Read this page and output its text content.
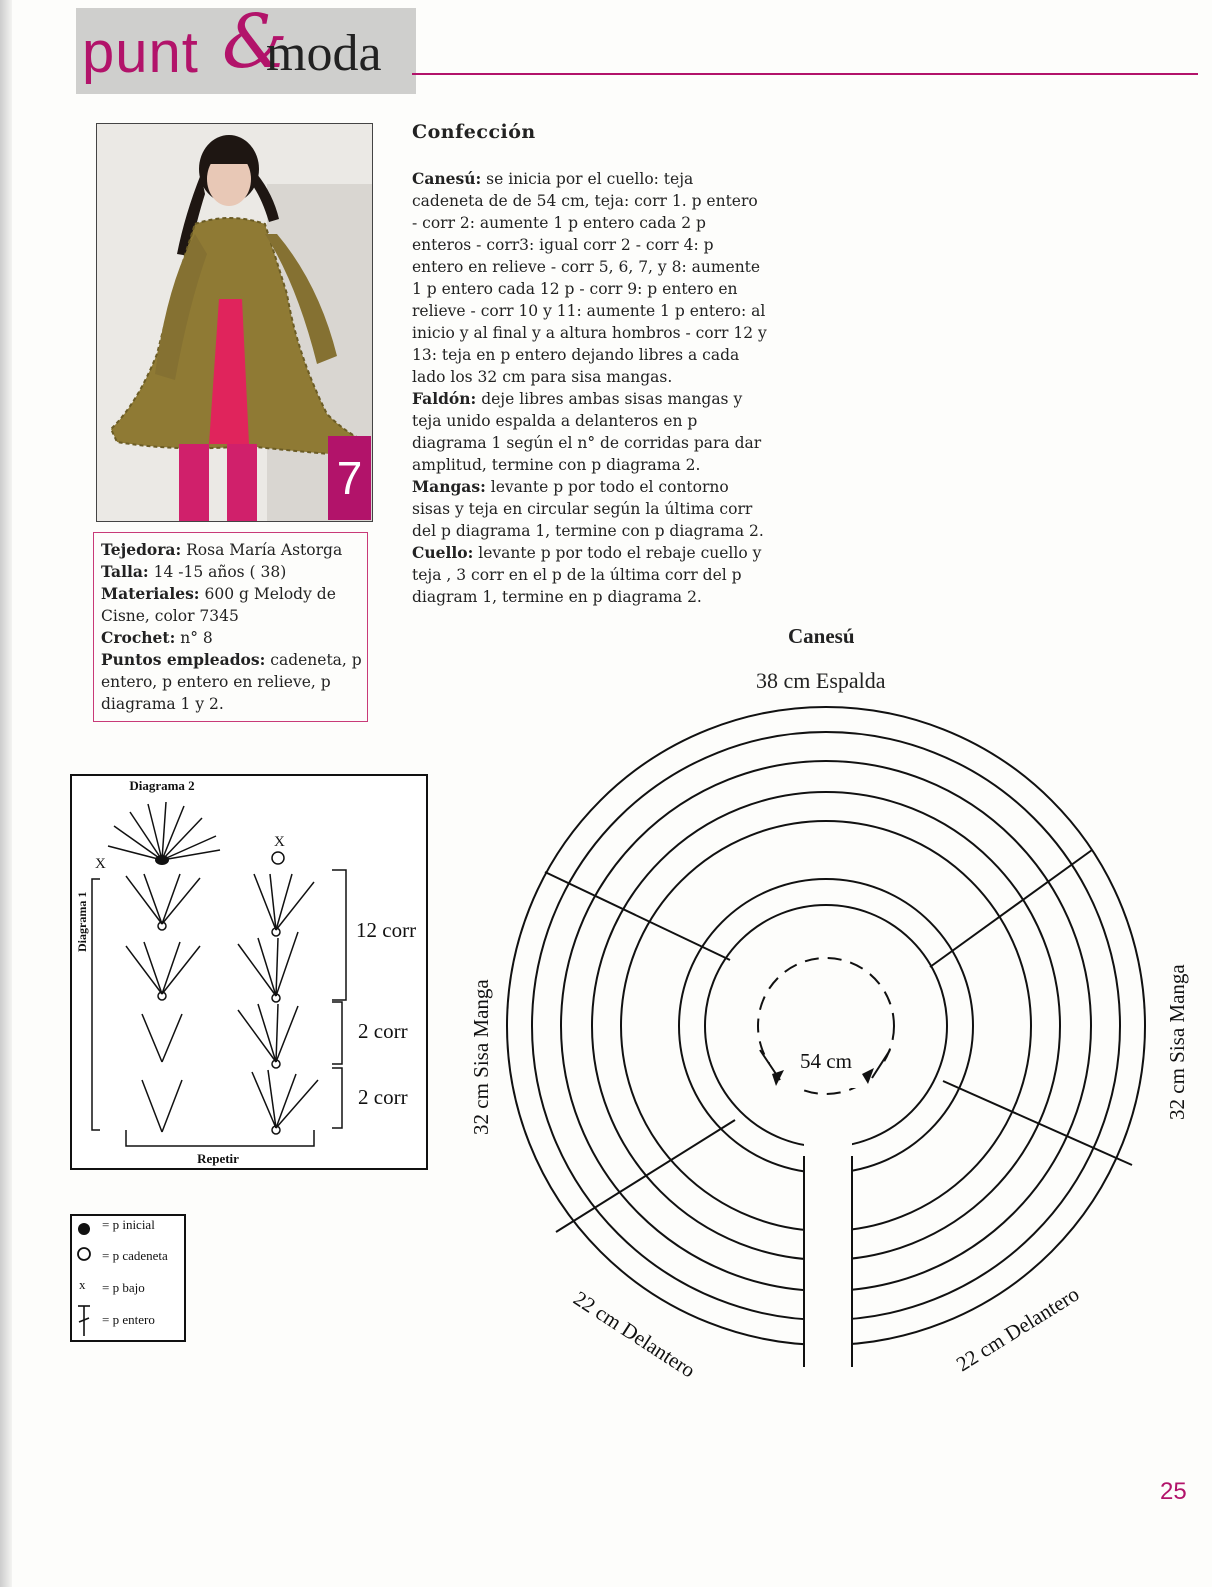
punt &
moda
7
Tejedora: Rosa María Astorga
Talla: 14 -15 años ( 38)
Materiales: 600 g Melody de Cisne, color 7345
Crochet: n° 8
Puntos empleados: cadeneta, p entero, p entero en relieve, p diagrama 1 y 2.
Confección

Canesú: se inicia por el cuello: teja cadeneta de de 54 cm, teja: corr 1. p entero - corr 2: aumente 1 p entero cada 2 p enteros - corr3: igual corr 2 - corr 4: p entero en relieve - corr 5, 6, 7, y 8: aumente 1 p entero cada 12 p - corr 9: p entero en relieve - corr 10 y 11: aumente 1 p entero: al inicio y al final y a altura hombros - corr 12 y 13: teja en p entero dejando libres a cada lado los 32 cm para sisa mangas.

Faldón: deje libres ambas sisas mangas y teja unido espalda a delanteros en p diagrama 1 según el n° de corridas para dar amplitud, termine con p diagrama 2.

Mangas: levante p por todo el contorno sisas y teja en circular según la última corr del p diagrama 1, termine con p diagrama 2.

Cuello: levante p por todo el rebaje cuello y teja , 3 corr en el p de la última corr del p diagram 1, termine en p diagrama 2.

Canesú
38 cm Espalda
54 cm
32 cm Sisa Manga	32 cm Sisa Manga
22 cm Delantero	22 cm Delantero
Diagrama 2
Diagrama 1
X
X
12 corr
2 corr
2 corr
Repetir
= p inicial
= p cadeneta
x = p bajo
= p entero
25
